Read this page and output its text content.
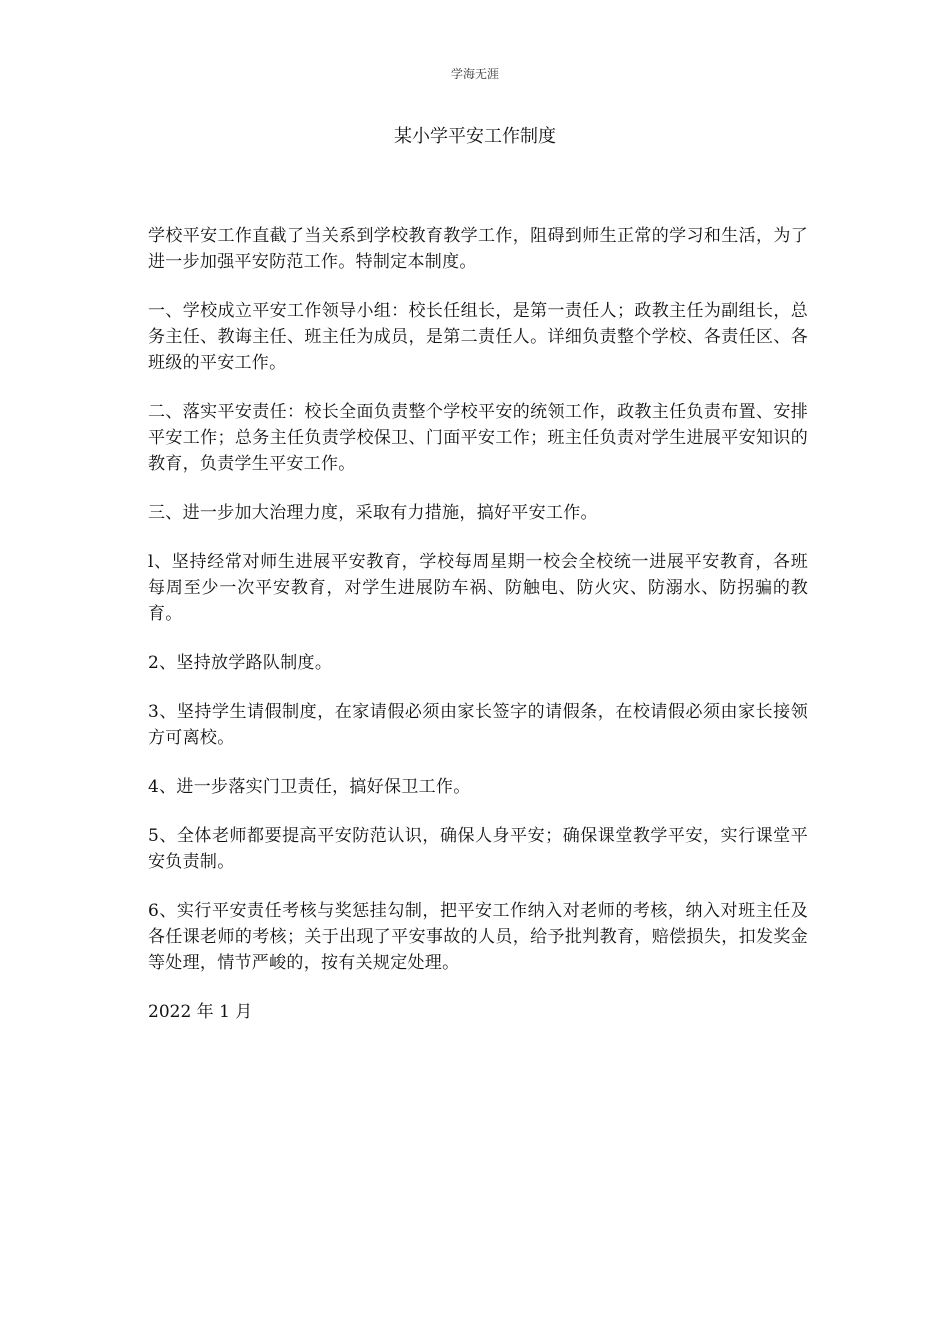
学海无涯
某小学平安工作制度

学校平安工作直截了当关系到学校教育教学工作，阻碍到师生正常的学习和生活，为了进一步加强平安防范工作。特制定本制度。

一、学校成立平安工作领导小组：校长任组长，是第一责任人；政教主任为副组长，总务主任、教诲主任、班主任为成员，是第二责任人。详细负责整个学校、各责任区、各班级的平安工作。

二、落实平安责任：校长全面负责整个学校平安的统领工作，政教主任负责布置、安排平安工作；总务主任负责学校保卫、门面平安工作；班主任负责对学生进展平安知识的教育，负责学生平安工作。

三、进一步加大治理力度，采取有力措施，搞好平安工作。

l、坚持经常对师生进展平安教育，学校每周星期一校会全校统一进展平安教育，各班每周至少一次平安教育，对学生进展防车祸、防触电、防火灾、防溺水、防拐骗的教育。

2、坚持放学路队制度。

3、坚持学生请假制度，在家请假必须由家长签字的请假条，在校请假必须由家长接领方可离校。

4、进一步落实门卫责任，搞好保卫工作。

5、全体老师都要提高平安防范认识，确保人身平安；确保课堂教学平安，实行课堂平安负责制。

6、实行平安责任考核与奖惩挂勾制，把平安工作纳入对老师的考核，纳入对班主任及各任课老师的考核；关于出现了平安事故的人员，给予批判教育，赔偿损失，扣发奖金等处理，情节严峻的，按有关规定处理。

2022 年 1 月
